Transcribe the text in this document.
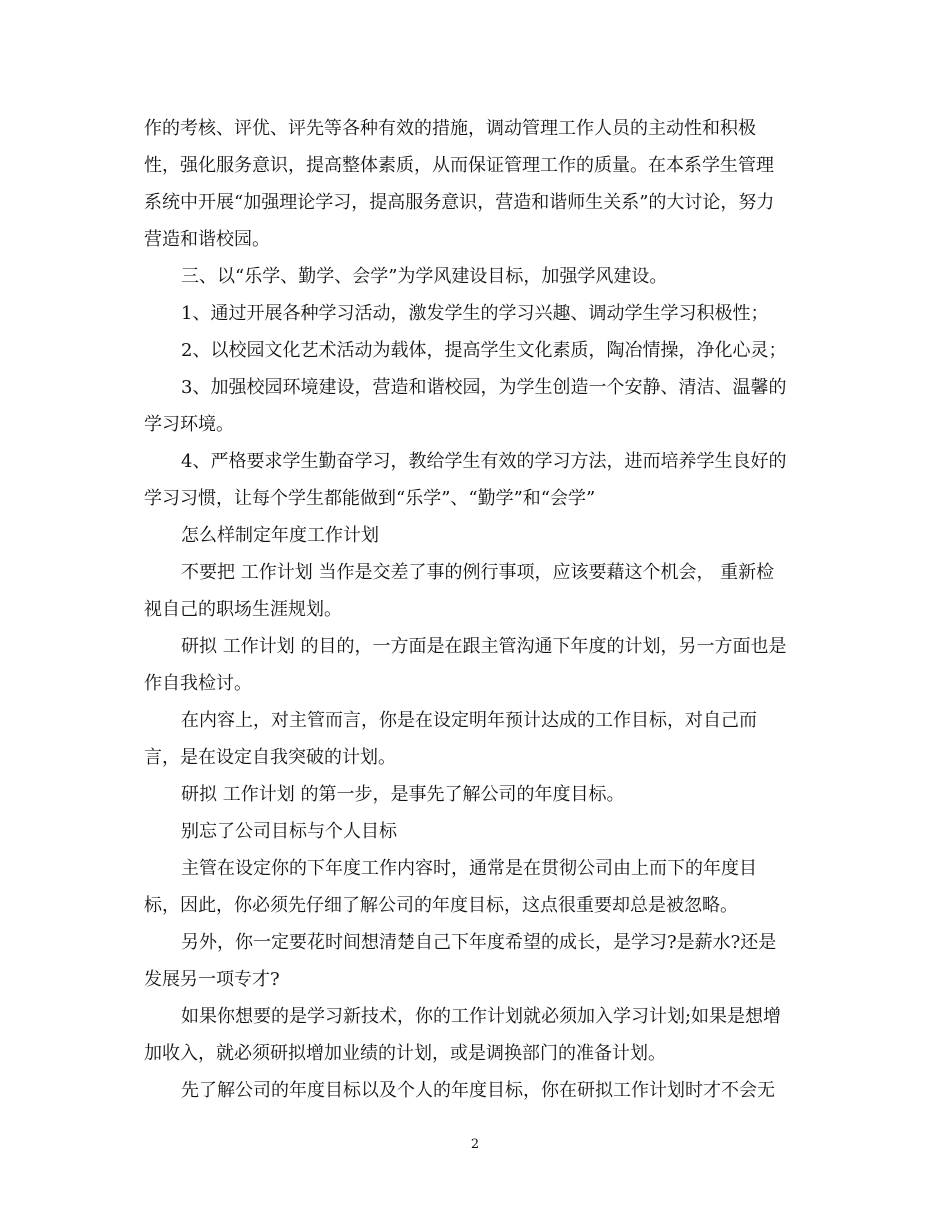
作的考核、评优、评先等各种有效的措施，调动管理工作人员的主动性和积极
性，强化服务意识，提高整体素质，从而保证管理工作的质量。在本系学生管理
系统中开展“加强理论学习，提高服务意识，营造和谐师生关系”的大讨论，努力
营造和谐校园。
三、以“乐学、勤学、会学”为学风建设目标，加强学风建设。
1、通过开展各种学习活动，激发学生的学习兴趣、调动学生学习积极性；
2、以校园文化艺术活动为载体，提高学生文化素质，陶冶情操，净化心灵；
3、加强校园环境建设，营造和谐校园，为学生创造一个安静、清洁、温馨的
学习环境。
4、严格要求学生勤奋学习，教给学生有效的学习方法，进而培养学生良好的
学习习惯，让每个学生都能做到“乐学”、“勤学”和“会学”
怎么样制定年度工作计划
不要把 工作计划 当作是交差了事的例行事项，应该要藉这个机会， 重新检
视自己的职场生涯规划。
研拟 工作计划 的目的，一方面是在跟主管沟通下年度的计划，另一方面也是
作自我检讨。
在内容上，对主管而言，你是在设定明年预计达成的工作目标，对自己而
言，是在设定自我突破的计划。
研拟 工作计划 的第一步，是事先了解公司的年度目标。
别忘了公司目标与个人目标
主管在设定你的下年度工作内容时，通常是在贯彻公司由上而下的年度目
标，因此，你必须先仔细了解公司的年度目标，这点很重要却总是被忽略。
另外，你一定要花时间想清楚自己下年度希望的成长，是学习?是薪水?还是
发展另一项专才?
如果你想要的是学习新技术，你的工作计划就必须加入学习计划;如果是想增
加收入，就必须研拟增加业绩的计划，或是调换部门的准备计划。
先了解公司的年度目标以及个人的年度目标，你在研拟工作计划时才不会无
2
